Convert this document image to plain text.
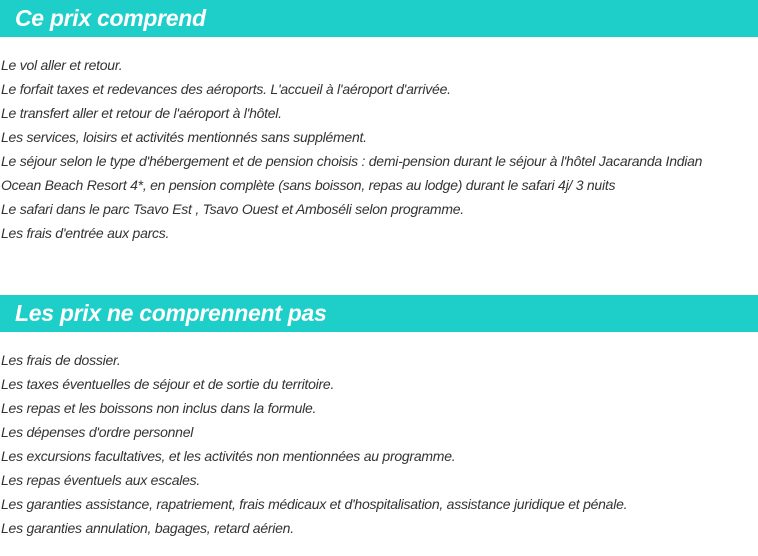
Ce prix comprend
Le vol aller et retour.
Le forfait taxes et redevances des aéroports. L'accueil à l'aéroport d'arrivée.
Le transfert aller et retour de l'aéroport à l'hôtel.
Les services, loisirs et activités mentionnés sans supplément.
Le séjour selon le type d'hébergement et de pension choisis : demi-pension durant le séjour à l'hôtel Jacaranda Indian
Ocean Beach Resort 4*, en pension complète (sans boisson, repas au lodge) durant le safari 4j/ 3 nuits
Le safari dans le parc Tsavo Est , Tsavo Ouest et Amboséli selon programme.
Les frais d'entrée aux parcs.
Les prix ne comprennent pas
Les frais de dossier.
Les taxes éventuelles de séjour et de sortie du territoire.
Les repas et les boissons non inclus dans la formule.
Les dépenses d'ordre personnel
Les excursions facultatives, et les activités non mentionnées au programme.
Les repas éventuels aux escales.
Les garanties assistance, rapatriement, frais médicaux et d'hospitalisation, assistance juridique et pénale.
Les garanties annulation, bagages, retard aérien.
